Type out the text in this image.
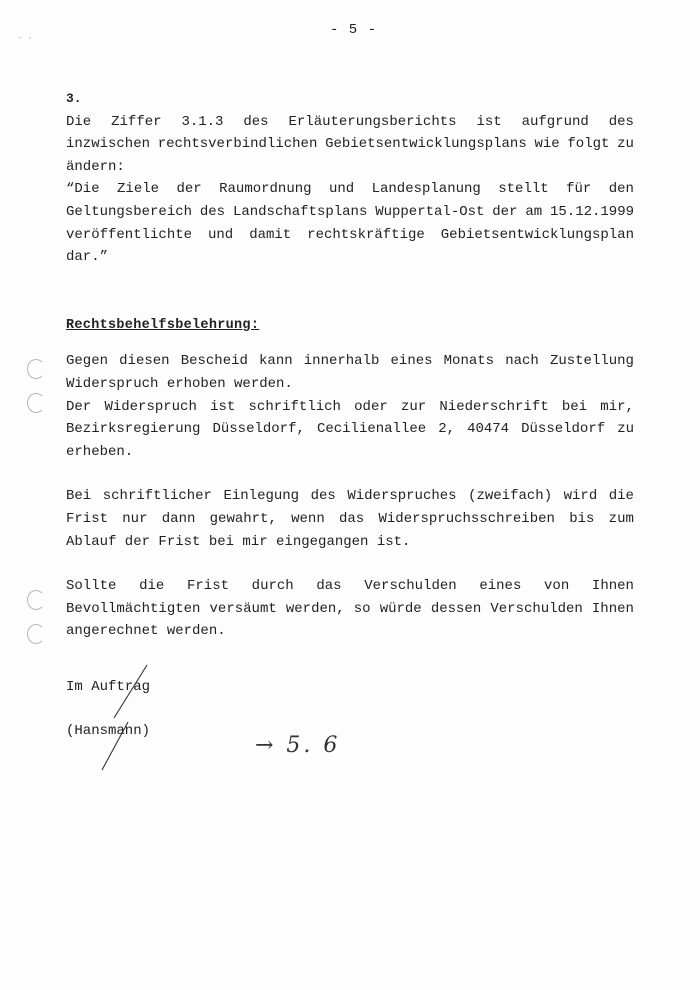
- ·
- 5 -
3.
Die Ziffer 3.1.3 des Erläuterungsberichts ist aufgrund des
inzwischen rechtsverbindlichen Gebietsentwicklungsplans wie folgt zu
ändern:
“Die Ziele der Raumordnung und Landesplanung stellt für den
Geltungsbereich des Landschaftsplans Wuppertal-Ost der am 15.12.1999
veröffentlichte und damit rechtskräftige Gebietsentwicklungsplan
dar.”
Rechtsbehelfsbelehrung:
Gegen diesen Bescheid kann innerhalb eines Monats nach Zustellung
Widerspruch erhoben werden.
Der Widerspruch ist schriftlich oder zur Niederschrift bei mir,
Bezirksregierung Düsseldorf, Cecilienallee 2, 40474 Düsseldorf zu
erheben.
Bei schriftlicher Einlegung des Widerspruches (zweifach) wird die
Frist nur dann gewahrt, wenn das Widerspruchsschreiben bis zum
Ablauf der Frist bei mir eingegangen ist.
Sollte die Frist durch das Verschulden eines von Ihnen
Bevollmächtigten versäumt werden, so würde dessen Verschulden Ihnen
angerechnet werden.
Im Auftrag
(Hansmann)
→ 5. 6
